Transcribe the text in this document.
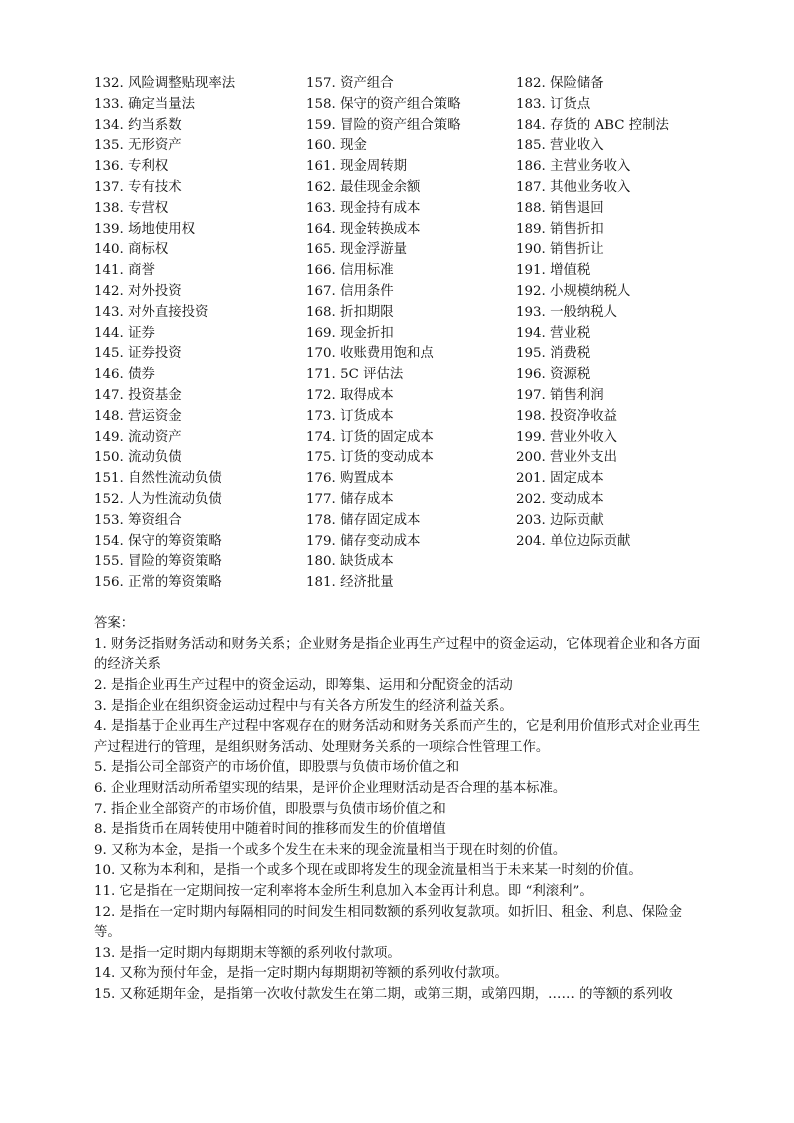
132. 风险调整贴现率法
133. 确定当量法
134. 约当系数
135. 无形资产
136. 专利权
137. 专有技术
138. 专营权
139. 场地使用权
140. 商标权
141. 商誉
142. 对外投资
143. 对外直接投资
144. 证券
145. 证券投资
146. 债券
147. 投资基金
148. 营运资金
149. 流动资产
150. 流动负债
151. 自然性流动负债
152. 人为性流动负债
153. 筹资组合
154. 保守的筹资策略
155. 冒险的筹资策略
156. 正常的筹资策略
157. 资产组合
158. 保守的资产组合策略
159. 冒险的资产组合策略
160. 现金
161. 现金周转期
162. 最佳现金余额
163. 现金持有成本
164. 现金转换成本
165. 现金浮游量
166. 信用标准
167. 信用条件
168. 折扣期限
169. 现金折扣
170. 收账费用饱和点
171. 5C 评估法
172. 取得成本
173. 订货成本
174. 订货的固定成本
175. 订货的变动成本
176. 购置成本
177. 储存成本
178. 储存固定成本
179. 储存变动成本
180. 缺货成本
181. 经济批量
182. 保险储备
183. 订货点
184. 存货的 ABC 控制法
185. 营业收入
186. 主营业务收入
187. 其他业务收入
188. 销售退回
189. 销售折扣
190. 销售折让
191. 增值税
192. 小规模纳税人
193. 一般纳税人
194. 营业税
195. 消费税
196. 资源税
197. 销售利润
198. 投资净收益
199. 营业外收入
200. 营业外支出
201. 固定成本
202. 变动成本
203. 边际贡献
204. 单位边际贡献
答案：
1. 财务泛指财务活动和财务关系；企业财务是指企业再生产过程中的资金运动，它体现着企业和各方面的经济关系
2. 是指企业再生产过程中的资金运动，即筹集、运用和分配资金的活动
3. 是指企业在组织资金运动过程中与有关各方所发生的经济利益关系。
4. 是指基于企业再生产过程中客观存在的财务活动和财务关系而产生的，它是利用价值形式对企业再生产过程进行的管理，是组织财务活动、处理财务关系的一项综合性管理工作。
5. 是指公司全部资产的市场价值，即股票与负债市场价值之和
6. 企业理财活动所希望实现的结果，是评价企业理财活动是否合理的基本标准。
7. 指企业全部资产的市场价值，即股票与负债市场价值之和
8. 是指货币在周转使用中随着时间的推移而发生的价值增值
9. 又称为本金，是指一个或多个发生在未来的现金流量相当于现在时刻的价值。
10. 又称为本利和，是指一个或多个现在或即将发生的现金流量相当于未来某一时刻的价值。
11. 它是指在一定期间按一定利率将本金所生利息加入本金再计利息。即 “利滚利”。
12. 是指在一定时期内每隔相同的时间发生相同数额的系列收复款项。如折旧、租金、利息、保险金等。
13. 是指一定时期内每期期末等额的系列收付款项。
14. 又称为预付年金，是指一定时期内每期期初等额的系列收付款项。
15. 又称延期年金，是指第一次收付款发生在第二期，或第三期，或第四期，…… 的等额的系列收
